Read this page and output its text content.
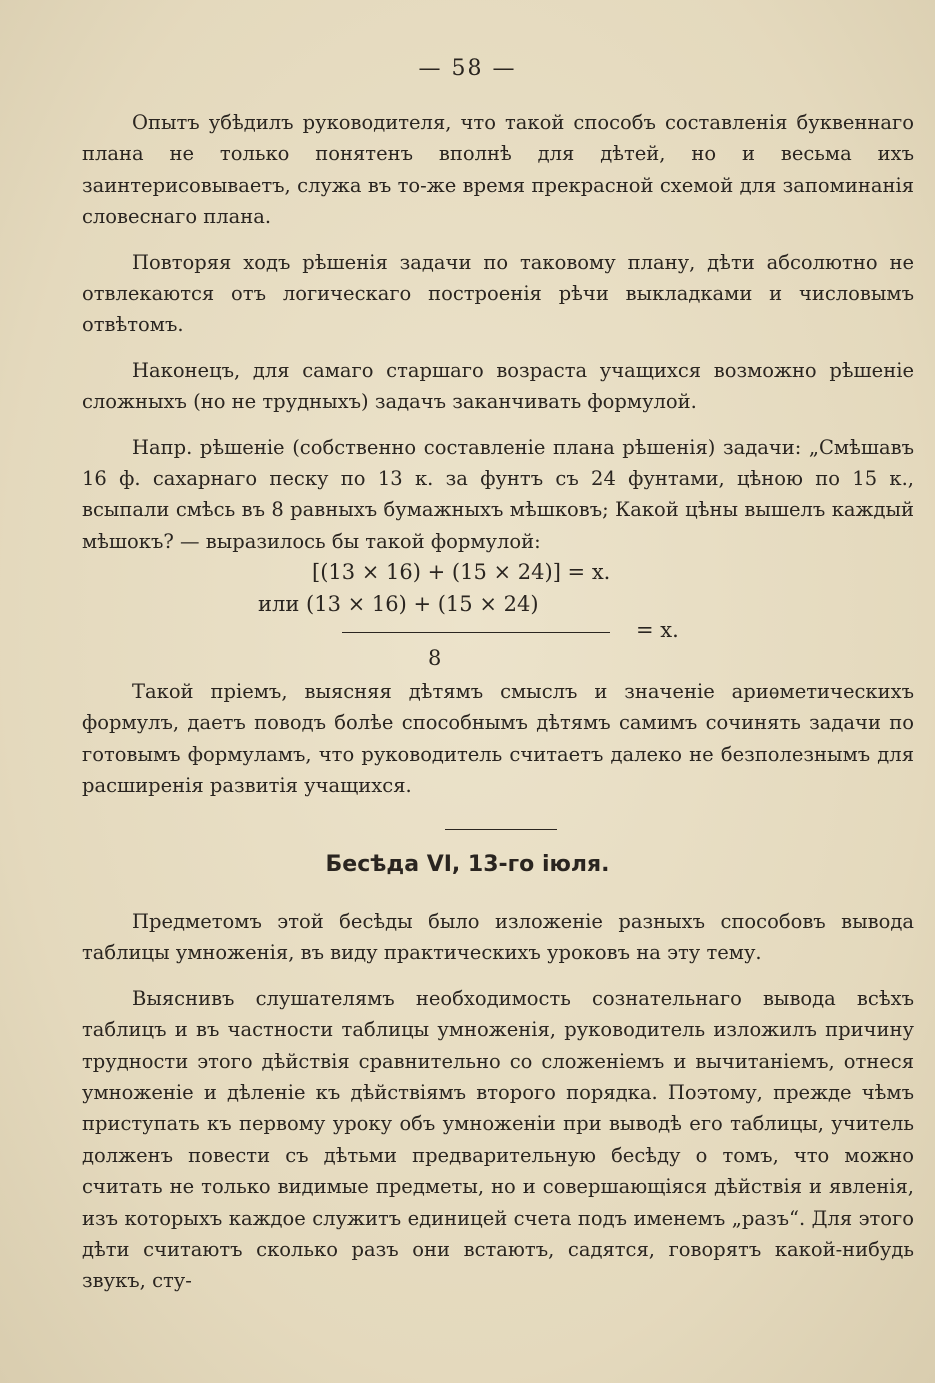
— 58 —

Опытъ убѣдилъ руководителя, что такой способъ составленія буквеннаго плана не только понятенъ вполнѣ для дѣтей, но и весьма ихъ заинтерисовываетъ, служа въ то-же время прекрасной схемой для запоминанія словеснаго плана.

Повторяя ходъ рѣшенія задачи по таковому плану, дѣти абсолютно не отвлекаются отъ логическаго построенія рѣчи выкладками и числовымъ отвѣтомъ.

Наконецъ, для самаго старшаго возраста учащихся возможно рѣшеніе сложныхъ (но не трудныхъ) задачъ заканчивать формулой.

Напр. рѣшеніе (собственно составленіе плана рѣшенія) задачи: „Смѣшавъ 16 ф. сахарнаго песку по 13 к. за фунтъ съ 24 фунтами, цѣною по 15 к., всыпали смѣсь въ 8 равныхъ бумажныхъ мѣшковъ; Какой цѣны вышелъ каждый мѣшокъ? — выразилось бы такой формулой:

[(13 × 16) + (15 × 24)] = x.
или (13 × 16) + (15 × 24)
= x.
8

Такой пріемъ, выясняя дѣтямъ смыслъ и значеніе ариѳметическихъ формулъ, даетъ поводъ болѣе способнымъ дѣтямъ самимъ сочинять задачи по готовымъ формуламъ, что руководитель считаетъ далеко не безполезнымъ для расширенія развитія учащихся.

Бесѣда VI, 13-го іюля.

Предметомъ этой бесѣды было изложеніе разныхъ способовъ вывода таблицы умноженія, въ виду практическихъ уроковъ на эту тему.

Выяснивъ слушателямъ необходимость сознательнаго вывода всѣхъ таблицъ и въ частности таблицы умноженія, руководитель изложилъ причину трудности этого дѣйствія сравнительно со сложеніемъ и вычитаніемъ, отнеся умноженіе и дѣленіе къ дѣйствіямъ второго порядка. Поэтому, прежде чѣмъ приступать къ первому уроку объ умноженіи при выводѣ его таблицы, учитель долженъ повести съ дѣтьми предварительную бесѣду о томъ, что можно считать не только видимые предметы, но и совершающіяся дѣйствія и явленія, изъ которыхъ каждое служитъ единицей счета подъ именемъ „разъ“. Для этого дѣти считаютъ сколько разъ они встаютъ, садятся, говорятъ какой-нибудь звукъ, сту-
